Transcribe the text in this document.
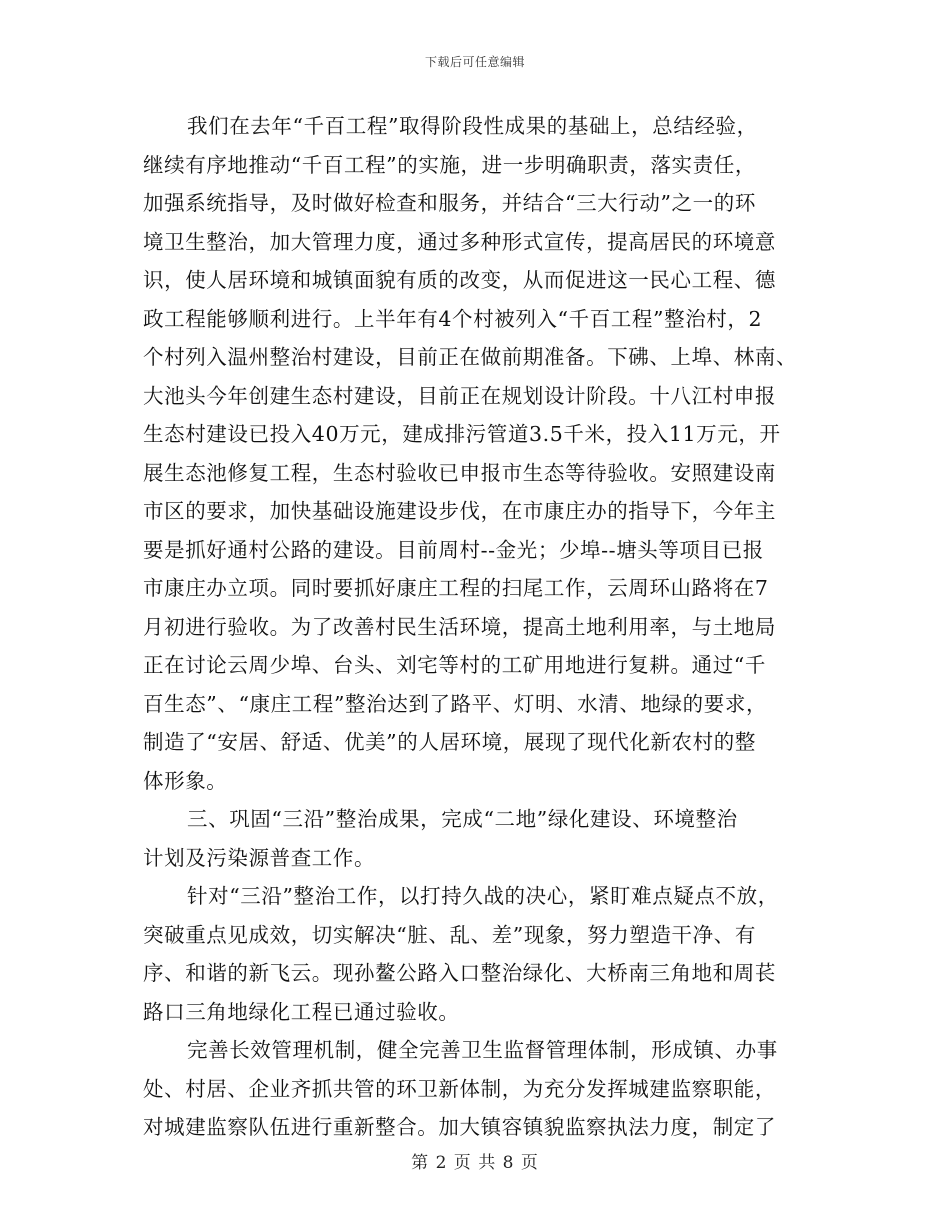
下载后可任意编辑
我们在去年“千百工程”取得阶段性成果的基础上，总结经验，
继续有序地推动“千百工程”的实施，进一步明确职责，落实责任，
加强系统指导，及时做好检查和服务，并结合“三大行动”之一的环
境卫生整治，加大管理力度，通过多种形式宣传，提高居民的环境意
识，使人居环境和城镇面貌有质的改变，从而促进这一民心工程、德
政工程能够顺利进行。上半年有4个村被列入“千百工程”整治村，2
个村列入温州整治村建设，目前正在做前期准备。下砩、上埠、林南、
大池头今年创建生态村建设，目前正在规划设计阶段。十八江村申报
生态村建设已投入40万元，建成排污管道3.5千米，投入11万元，开
展生态池修复工程，生态村验收已申报市生态等待验收。安照建设南
市区的要求，加快基础设施建设步伐，在市康庄办的指导下，今年主
要是抓好通村公路的建设。目前周村--金光；少埠--塘头等项目已报
市康庄办立项。同时要抓好康庄工程的扫尾工作，云周环山路将在7
月初进行验收。为了改善村民生活环境，提高土地利用率，与土地局
正在讨论云周少埠、台头、刘宅等村的工矿用地进行复耕。通过“千
百生态”、“康庄工程”整治达到了路平、灯明、水清、地绿的要求，
制造了“安居、舒适、优美”的人居环境，展现了现代化新农村的整
体形象。
三、巩固“三沿”整治成果，完成“二地”绿化建设、环境整治
计划及污染源普查工作。
针对“三沿”整治工作，以打持久战的决心，紧盯难点疑点不放，
突破重点见成效，切实解决“脏、乱、差”现象，努力塑造干净、有
序、和谐的新飞云。现孙鳌公路入口整治绿化、大桥南三角地和周苌
路口三角地绿化工程已通过验收。
完善长效管理机制，健全完善卫生监督管理体制，形成镇、办事
处、村居、企业齐抓共管的环卫新体制，为充分发挥城建监察职能，
对城建监察队伍进行重新整合。加大镇容镇貌监察执法力度，制定了
第 2 页 共 8 页
